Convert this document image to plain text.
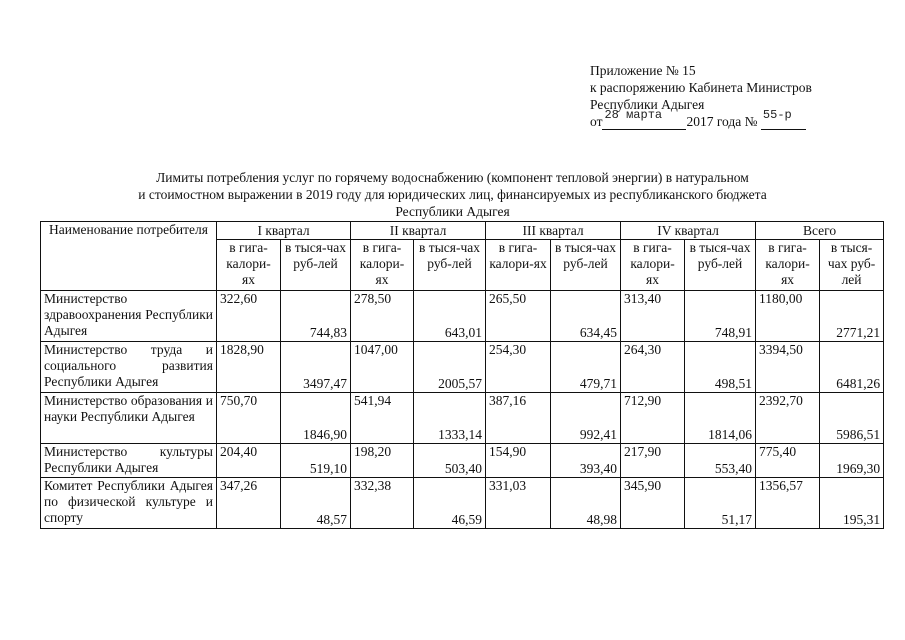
Приложение № 15
к распоряжению Кабинета Министров
Республики Адыгея
от 28 марта 2017 года № 55-р
Лимиты потребления услуг по горячему водоснабжению (компонент тепловой энергии) в натуральном
и стоимостном выражении в 2019 году для юридических лиц, финансируемых из республиканского бюджета
Республики Адыгея
Наименование потребителя	I квартал		II квартал		III квартал		IV квартал		Всего	
	в гига-калори-ях	в тыся-чах руб-лей	в гига-калори-ях	в тыся-чах руб-лей	в гига-калори-ях	в тыся-чах руб-лей	в гига-калори-ях	в тыся-чах руб-лей	в гига-калори-ях	в тыся-чах руб-лей
Министерство здравоохранения Республики Адыгея	322,60	744,83	278,50	643,01	265,50	634,45	313,40	748,91	1180,00	2771,21
Министерство труда и социального развития Республики Адыгея	1828,90	3497,47	1047,00	2005,57	254,30	479,71	264,30	498,51	3394,50	6481,26
Министерство образования и науки Республики Адыгея	750,70	1846,90	541,94	1333,14	387,16	992,41	712,90	1814,06	2392,70	5986,51
Министерство культуры Республики Адыгея	204,40	519,10	198,20	503,40	154,90	393,40	217,90	553,40	775,40	1969,30
Комитет Республики Адыгея по физической культуре и спорту	347,26	48,57	332,38	46,59	331,03	48,98	345,90	51,17	1356,57	195,31
